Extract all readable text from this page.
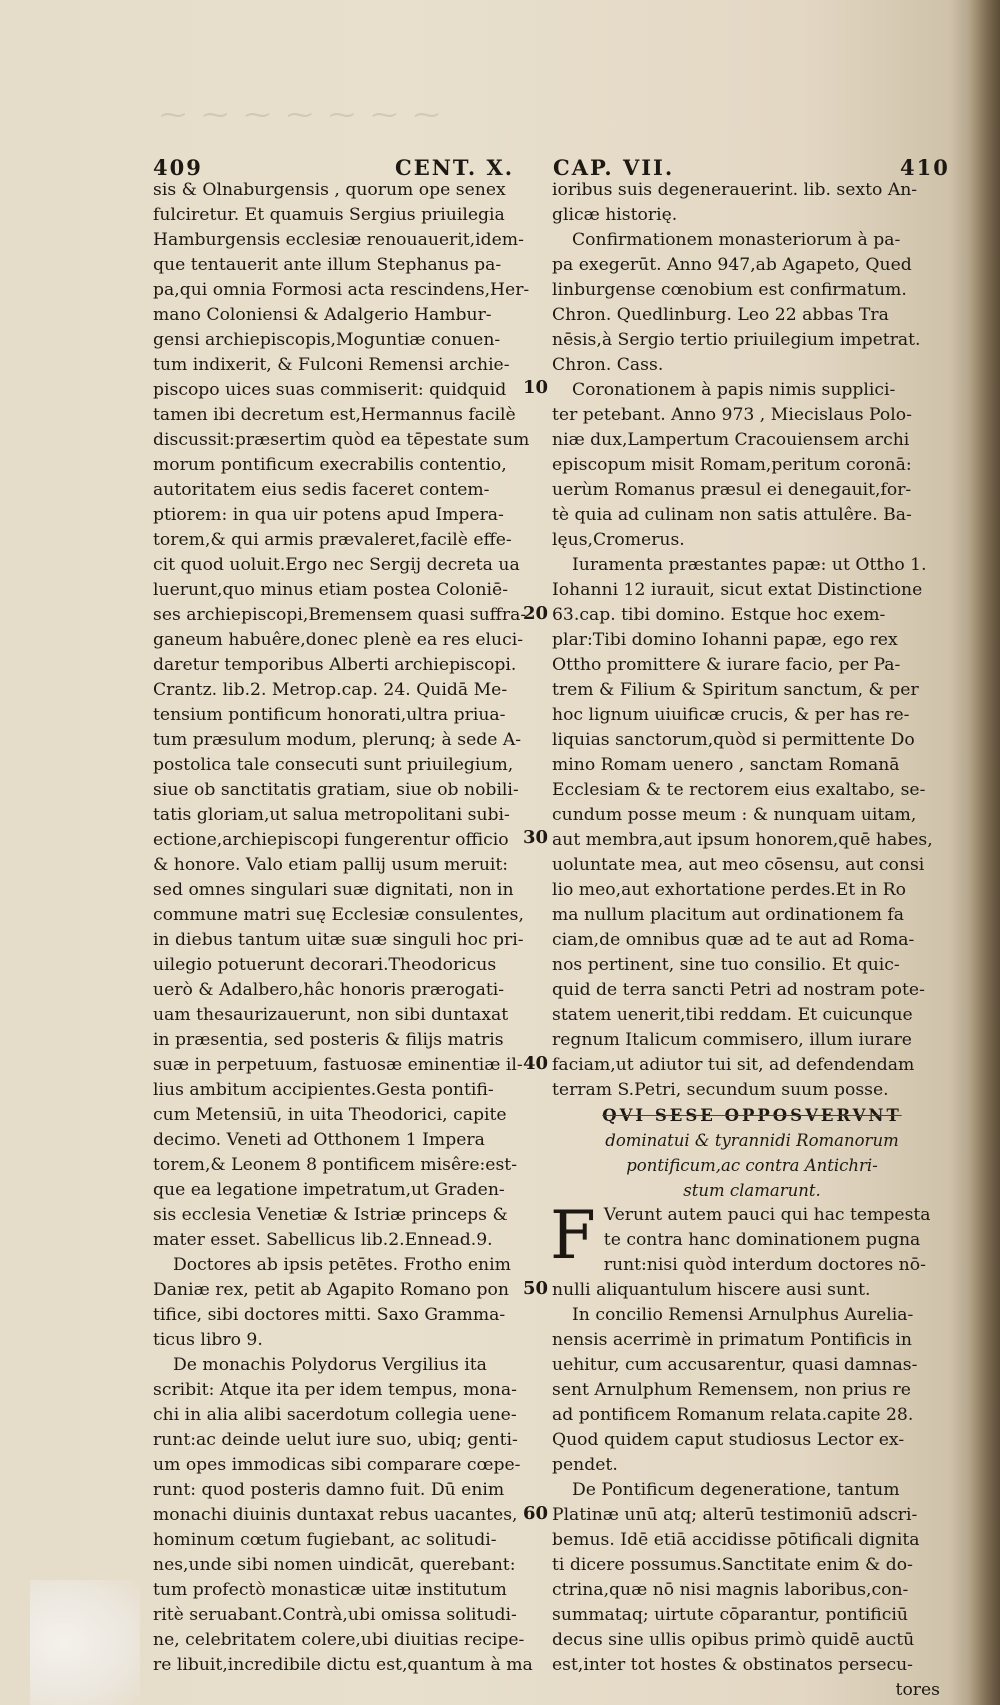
⁓ ⁓ ⁓ ⁓ ⁓ ⁓ ⁓
409	CENT. X. CAP. VII.	410
sis & Olnaburgensis , quorum ope senex
fulciretur. Et quamuis Sergius priuilegia
Hamburgensis ecclesiæ renouauerit,idem-
que tentauerit ante illum Stephanus pa-
pa,qui omnia Formosi acta rescindens,Her-
mano Coloniensi & Adalgerio Hambur-
gensi archiepiscopis,Moguntiæ conuen-
tum indixerit, & Fulconi Remensi archie-
piscopo uices suas commiserit: quidquid
tamen ibi decretum est,Hermannus facilè
discussit:præsertim quòd ea tēpestate sum
morum pontificum execrabilis contentio,
autoritatem eius sedis faceret contem-
ptiorem: in qua uir potens apud Impera-
torem,& qui armis prævaleret,facilè effe-
cit quod uoluit.Ergo nec Sergij decreta ua
luerunt,quo minus etiam postea Coloniē-
ses archiepiscopi,Bremensem quasi suffra-
ganeum habuêre,donec plenè ea res eluci-
daretur temporibus Alberti archiepiscopi.
Crantz. lib.2. Metrop.cap. 24. Quidā Me-
tensium pontificum honorati,ultra priua-
tum præsulum modum, plerunq; à sede A-
postolica tale consecuti sunt priuilegium,
siue ob sanctitatis gratiam, siue ob nobili-
tatis gloriam,ut salua metropolitani subi-
ectione,archiepiscopi fungerentur officio
& honore. Valo etiam pallij usum meruit:
sed omnes singulari suæ dignitati, non in
commune matri suę Ecclesiæ consulentes,
in diebus tantum uitæ suæ singuli hoc pri-
uilegio potuerunt decorari.Theodoricus
uerò & Adalbero,hâc honoris prærogati-
uam thesaurizauerunt, non sibi duntaxat
in præsentia, sed posteris & filijs matris
suæ in perpetuum, fastuosæ eminentiæ il-
lius ambitum accipientes.Gesta pontifi-
cum Metensiū, in uita Theodorici, capite
decimo. Veneti ad Otthonem 1 Impera
torem,& Leonem 8 pontificem misêre:est-
que ea legatione impetratum,ut Graden-
sis ecclesia Venetiæ & Istriæ princeps &
mater esset. Sabellicus lib.2.Ennead.9.
Doctores ab ipsis petētes. Frotho enim
Daniæ rex, petit ab Agapito Romano pon
tifice, sibi doctores mitti. Saxo Gramma-
ticus libro 9.
De monachis Polydorus Vergilius ita
scribit: Atque ita per idem tempus, mona-
chi in alia alibi sacerdotum collegia uene-
runt:ac deinde uelut iure suo, ubiq; genti-
um opes immodicas sibi comparare cœpe-
runt: quod posteris damno fuit. Dū enim
monachi diuinis duntaxat rebus uacantes,
hominum cœtum fugiebant, ac solitudi-
nes,unde sibi nomen uindicāt, querebant:
tum profectò monasticæ uitæ institutum
ritè seruabant.Contrà,ubi omissa solitudi-
ne, celebritatem colere,ubi diuitias recipe-
re libuit,incredibile dictu est,quantum à ma
ioribus suis degenerauerint. lib. sexto An-
glicæ historię.
Confirmationem monasteriorum à pa-
pa exegerūt. Anno 947,ab Agapeto, Qued
linburgense cœnobium est confirmatum.
Chron. Quedlinburg. Leo 22 abbas Tra
nēsis,à Sergio tertio priuilegium impetrat.
Chron. Cass.
Coronationem à papis nimis supplici-
ter petebant. Anno 973 , Miecislaus Polo-
niæ dux,Lampertum Cracouiensem archi
episcopum misit Romam,peritum coronā:
uerùm Romanus præsul ei denegauit,for-
tè quia ad culinam non satis attulêre. Ba-
lęus,Cromerus.
Iuramenta præstantes papæ: ut Ottho 1.
Iohanni 12 iurauit, sicut extat Distinctione
63.cap. tibi domino. Estque hoc exem-
plar:Tibi domino Iohanni papæ, ego rex
Ottho promittere & iurare facio, per Pa-
trem & Filium & Spiritum sanctum, & per
hoc lignum uiuificæ crucis, & per has re-
liquias sanctorum,quòd si permittente Do
mino Romam uenero , sanctam Romanā
Ecclesiam & te rectorem eius exaltabo, se-
cundum posse meum : & nunquam uitam,
aut membra,aut ipsum honorem,quē habes,
uoluntate mea, aut meo cōsensu, aut consi
lio meo,aut exhortatione perdes.Et in Ro
ma nullum placitum aut ordinationem fa
ciam,de omnibus quæ ad te aut ad Roma-
nos pertinent, sine tuo consilio. Et quic-
quid de terra sancti Petri ad nostram pote-
statem uenerit,tibi reddam. Et cuicunque
regnum Italicum commisero, illum iurare
faciam,ut adiutor tui sit, ad defendendam
terram S.Petri, secundum suum posse.
QVI SESE OPPOSVERVNT
dominatui & tyrannidi Romanorum
pontificum,ac contra Antichri-
stum clamarunt.
F Verunt autem pauci qui hac tempesta
te contra hanc dominationem pugna
runt:nisi quòd interdum doctores nō-
nulli aliquantulum hiscere ausi sunt.
In concilio Remensi Arnulphus Aurelia-
nensis acerrimè in primatum Pontificis in
uehitur, cum accusarentur, quasi damnas-
sent Arnulphum Remensem, non prius re
ad pontificem Romanum relata.capite 28.
Quod quidem caput studiosus Lector ex-
pendet.
De Pontificum degeneratione, tantum
Platinæ unū atq; alterū testimoniū adscri-
bemus. Idē etiā accidisse pōtificali dignita
ti dicere possumus.Sanctitate enim & do-
ctrina,quæ nō nisi magnis laboribus,con-
summataq; uirtute cōparantur, pontificiū
decus sine ullis opibus primò quidē auctū
est,inter tot hostes & obstinatos persecu-
tores
10
20
30
40
50
60
